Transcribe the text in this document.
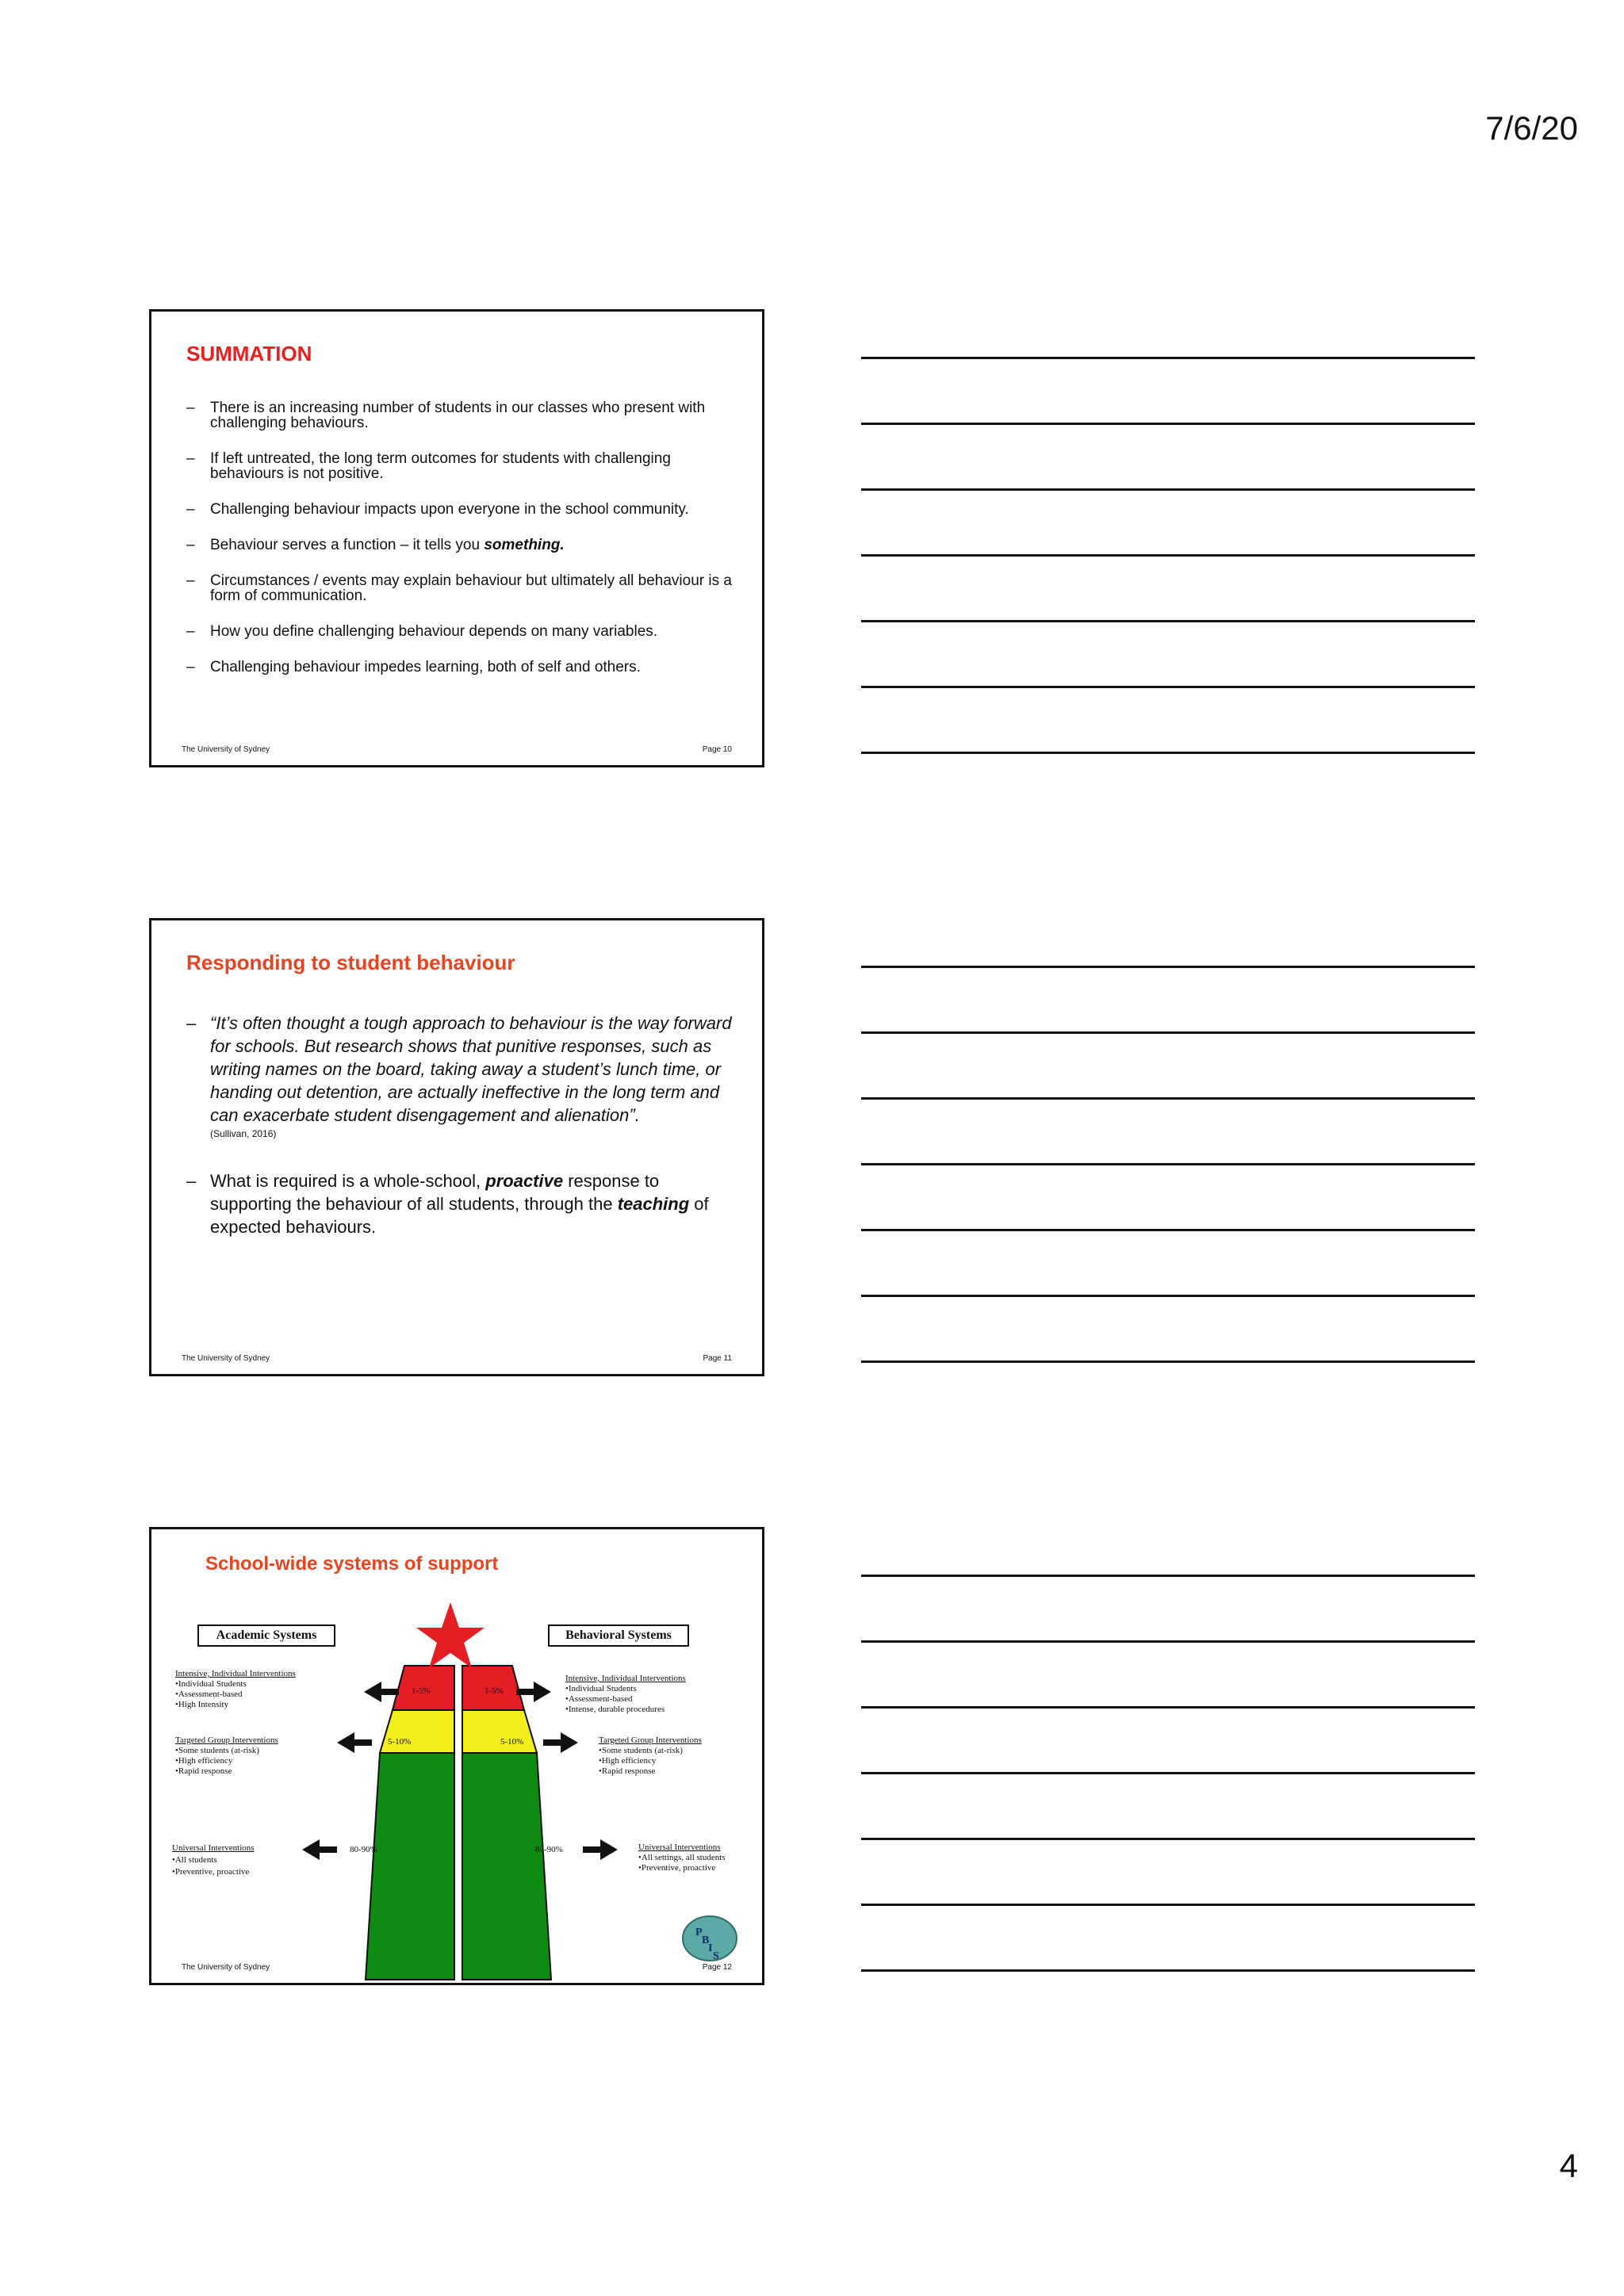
7/6/20
SUMMATION
– There is an increasing number of students in our classes who present with challenging behaviours.
– If left untreated, the long term outcomes for students with challenging behaviours is not positive.
– Challenging behaviour impacts upon everyone in the school community.
– Behaviour serves a function – it tells you something.
– Circumstances / events may explain behaviour but ultimately all behaviour is a form of communication.
– How you define challenging behaviour depends on many variables.
– Challenging behaviour impedes learning, both of self and others.
The University of Sydney	Page 10
Responding to student behaviour
– “It’s often thought a tough approach to behaviour is the way forward for schools. But research shows that punitive responses, such as writing names on the board, taking away a student’s lunch time, or handing out detention, are actually ineffective in the long term and can exacerbate student disengagement and alienation”.
(Sullivan, 2016)
– What is required is a whole-school, proactive response to supporting the behaviour of all students, through the teaching of expected behaviours.
The University of Sydney	Page 11
School-wide systems of support
P
B
I
S
Academic Systems	Behavioral Systems
Intensive, Individual Interventions
•Individual Students
•Assessment-based
•High Intensity
Targeted Group Interventions
•Some students (at-risk)
•High efficiency
•Rapid response
Universal Interventions
•All students
•Preventive, proactive
1-5%
5-10%
80-90%
1-5%
5-10%
80-90%
Intensive, Individual Interventions
•Individual Students
•Assessment-based
•Intense, durable procedures
Targeted Group Interventions
•Some students (at-risk)
•High efficiency
•Rapid response
Universal Interventions
•All settings, all students
•Preventive, proactive
The University of Sydney	Page 12
4
